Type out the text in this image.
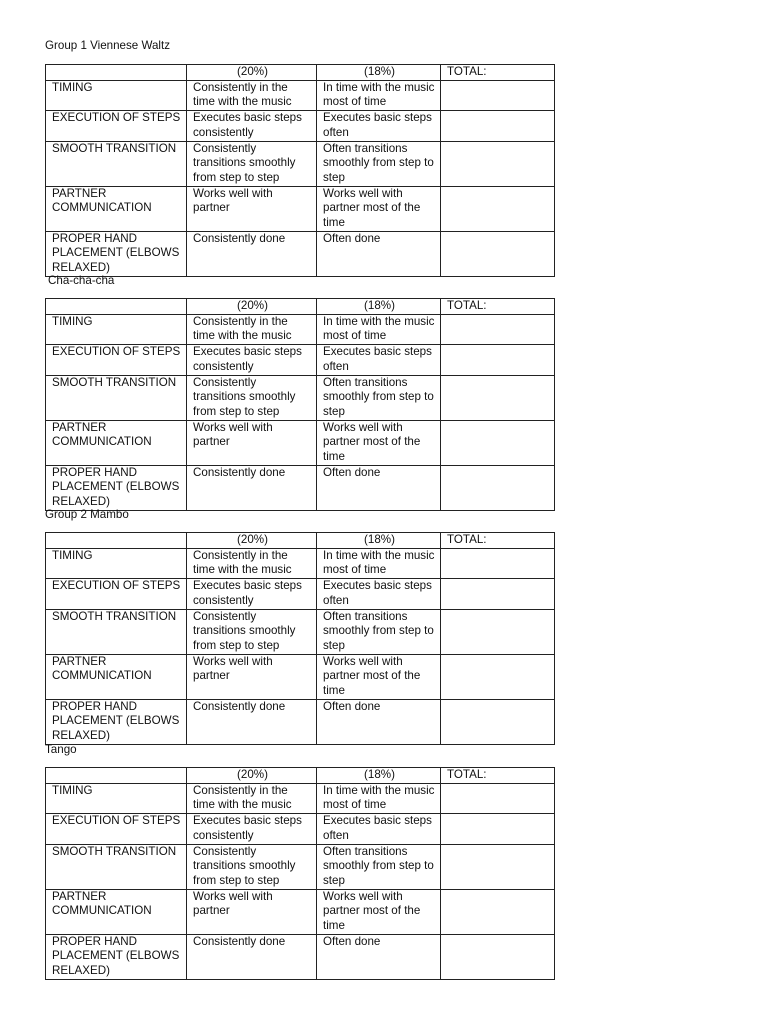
Group 1 Viennese Waltz
	(20%)	(18%)	TOTAL:
TIMING	Consistently in the time with the music	In time with the music most of time	
EXECUTION OF STEPS	Executes basic steps consistently	Executes basic steps often	
SMOOTH TRANSITION	Consistently transitions smoothly from step to step	Often transitions smoothly from step to step	
PARTNER COMMUNICATION	Works well with partner	Works well with partner most of the time	
PROPER HAND PLACEMENT (ELBOWS RELAXED)	Consistently done	Often done	
Cha-cha-cha
	(20%)	(18%)	TOTAL:
TIMING	Consistently in the time with the music	In time with the music most of time	
EXECUTION OF STEPS	Executes basic steps consistently	Executes basic steps often	
SMOOTH TRANSITION	Consistently transitions smoothly from step to step	Often transitions smoothly from step to step	
PARTNER COMMUNICATION	Works well with partner	Works well with partner most of the time	
PROPER HAND PLACEMENT (ELBOWS RELAXED)	Consistently done	Often done	
Group 2 Mambo
	(20%)	(18%)	TOTAL:
TIMING	Consistently in the time with the music	In time with the music most of time	
EXECUTION OF STEPS	Executes basic steps consistently	Executes basic steps often	
SMOOTH TRANSITION	Consistently transitions smoothly from step to step	Often transitions smoothly from step to step	
PARTNER COMMUNICATION	Works well with partner	Works well with partner most of the time	
PROPER HAND PLACEMENT (ELBOWS RELAXED)	Consistently done	Often done	
Tango
	(20%)	(18%)	TOTAL:
TIMING	Consistently in the time with the music	In time with the music most of time	
EXECUTION OF STEPS	Executes basic steps consistently	Executes basic steps often	
SMOOTH TRANSITION	Consistently transitions smoothly from step to step	Often transitions smoothly from step to step	
PARTNER COMMUNICATION	Works well with partner	Works well with partner most of the time	
PROPER HAND PLACEMENT (ELBOWS RELAXED)	Consistently done	Often done	
